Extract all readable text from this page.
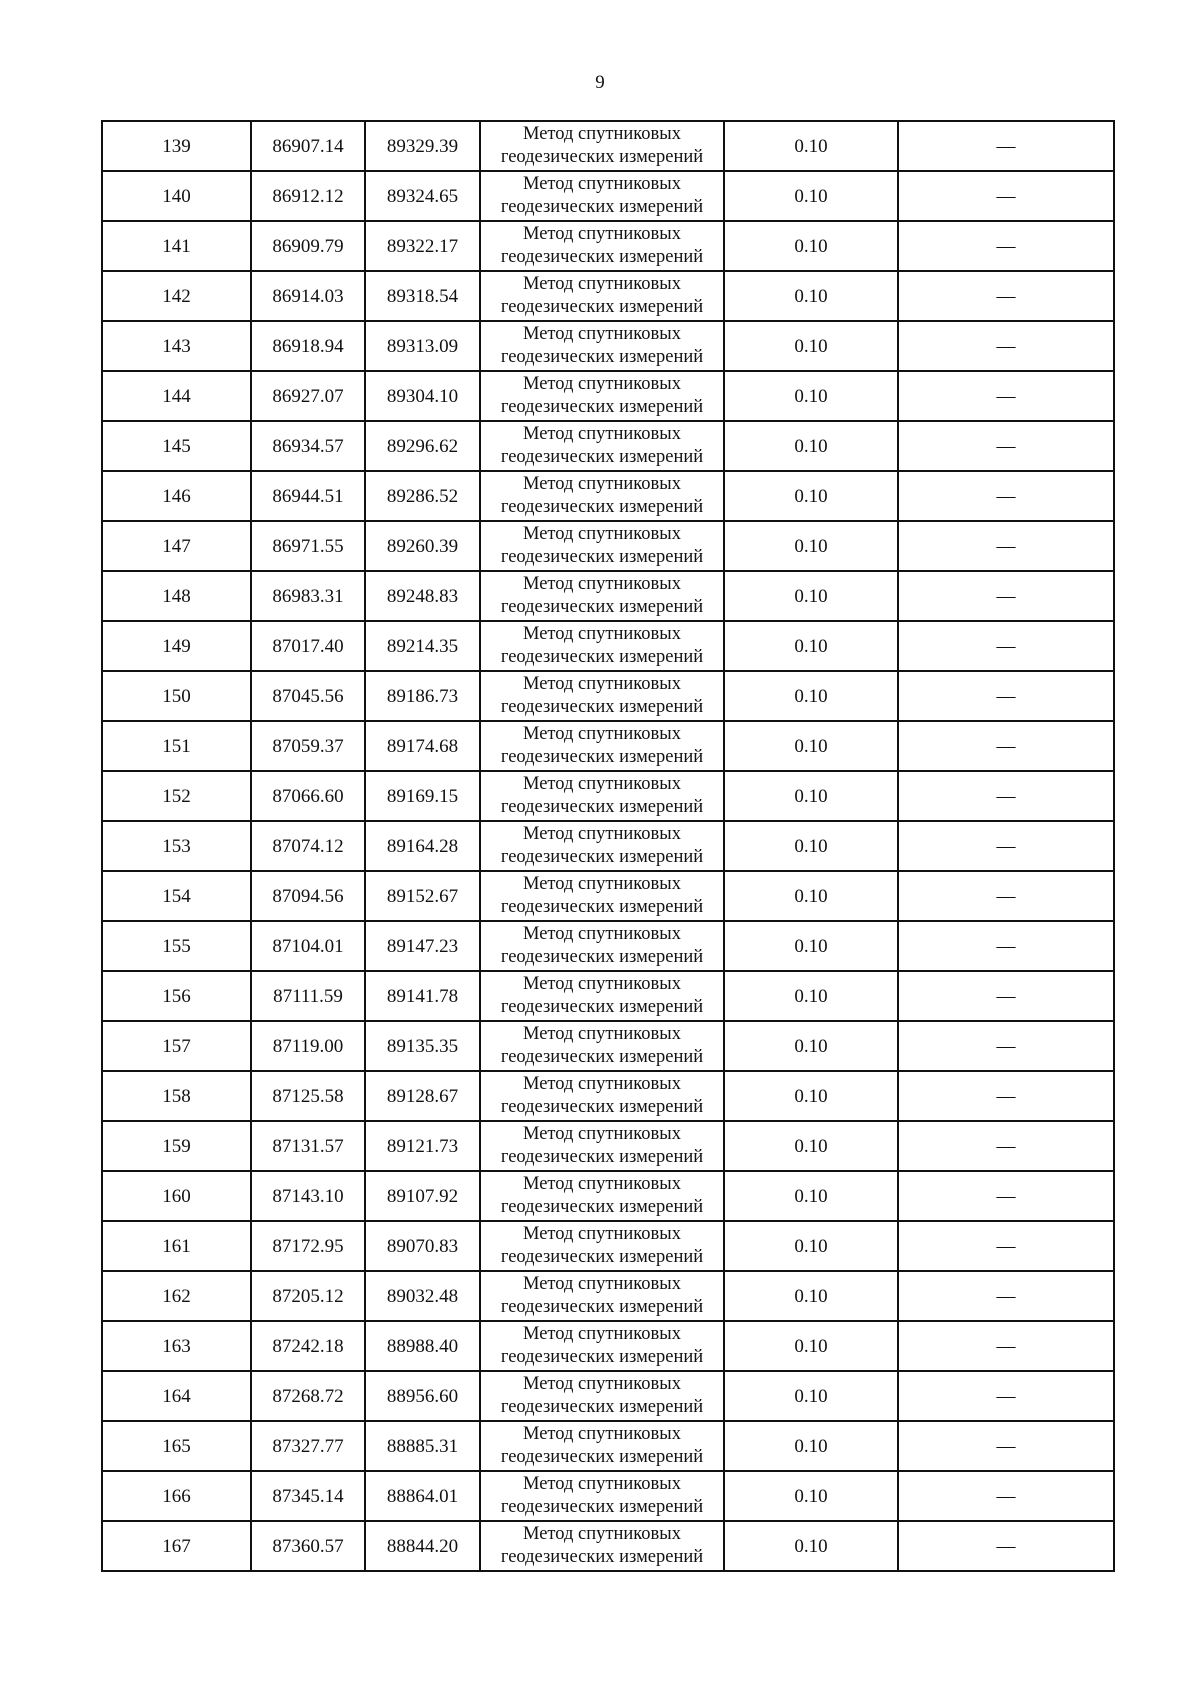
9
139	86907.14	89329.39	Метод спутниковых
геодезических измерений	0.10	—
140	86912.12	89324.65	Метод спутниковых
геодезических измерений	0.10	—
141	86909.79	89322.17	Метод спутниковых
геодезических измерений	0.10	—
142	86914.03	89318.54	Метод спутниковых
геодезических измерений	0.10	—
143	86918.94	89313.09	Метод спутниковых
геодезических измерений	0.10	—
144	86927.07	89304.10	Метод спутниковых
геодезических измерений	0.10	—
145	86934.57	89296.62	Метод спутниковых
геодезических измерений	0.10	—
146	86944.51	89286.52	Метод спутниковых
геодезических измерений	0.10	—
147	86971.55	89260.39	Метод спутниковых
геодезических измерений	0.10	—
148	86983.31	89248.83	Метод спутниковых
геодезических измерений	0.10	—
149	87017.40	89214.35	Метод спутниковых
геодезических измерений	0.10	—
150	87045.56	89186.73	Метод спутниковых
геодезических измерений	0.10	—
151	87059.37	89174.68	Метод спутниковых
геодезических измерений	0.10	—
152	87066.60	89169.15	Метод спутниковых
геодезических измерений	0.10	—
153	87074.12	89164.28	Метод спутниковых
геодезических измерений	0.10	—
154	87094.56	89152.67	Метод спутниковых
геодезических измерений	0.10	—
155	87104.01	89147.23	Метод спутниковых
геодезических измерений	0.10	—
156	87111.59	89141.78	Метод спутниковых
геодезических измерений	0.10	—
157	87119.00	89135.35	Метод спутниковых
геодезических измерений	0.10	—
158	87125.58	89128.67	Метод спутниковых
геодезических измерений	0.10	—
159	87131.57	89121.73	Метод спутниковых
геодезических измерений	0.10	—
160	87143.10	89107.92	Метод спутниковых
геодезических измерений	0.10	—
161	87172.95	89070.83	Метод спутниковых
геодезических измерений	0.10	—
162	87205.12	89032.48	Метод спутниковых
геодезических измерений	0.10	—
163	87242.18	88988.40	Метод спутниковых
геодезических измерений	0.10	—
164	87268.72	88956.60	Метод спутниковых
геодезических измерений	0.10	—
165	87327.77	88885.31	Метод спутниковых
геодезических измерений	0.10	—
166	87345.14	88864.01	Метод спутниковых
геодезических измерений	0.10	—
167	87360.57	88844.20	Метод спутниковых
геодезических измерений	0.10	—
